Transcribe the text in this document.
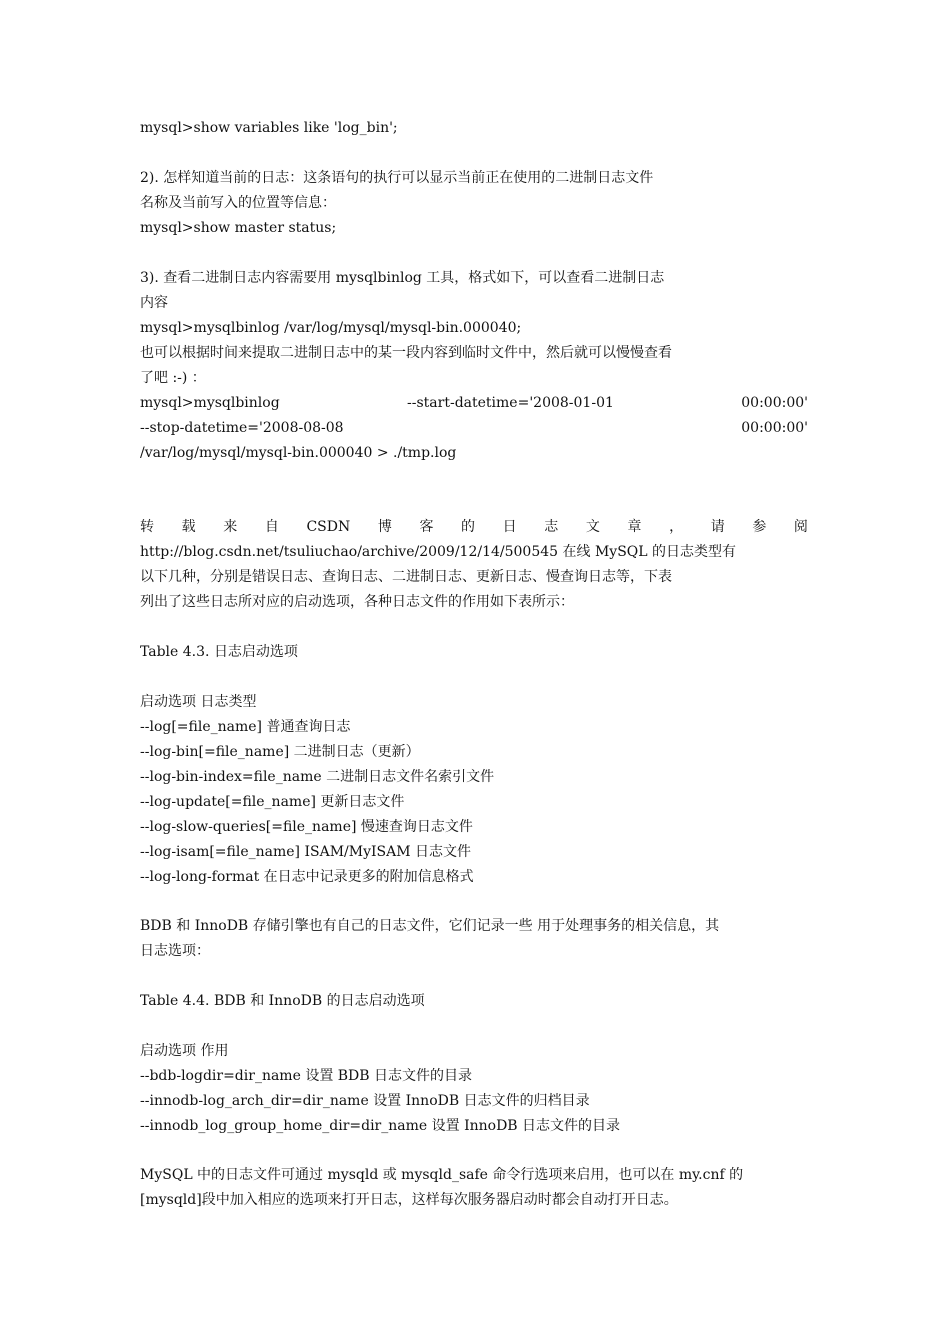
mysql>show variables like 'log_bin';

2). 怎样知道当前的日志：这条语句的执行可以显示当前正在使用的二进制日志文件

名称及当前写入的位置等信息：

mysql>show master status;

3). 查看二进制日志内容需要用 mysqlbinlog 工具，格式如下，可以查看二进制日志

内容

mysql>mysqlbinlog /var/log/mysql/mysql-bin.000040;

也可以根据时间来提取二进制日志中的某一段内容到临时文件中，然后就可以慢慢查看

了吧 :-) ：

mysql>mysqlbinlog	--start-datetime='2008-01-01	00:00:00'
--stop-datetime='2008-08-08	00:00:00'

/var/log/mysql/mysql-bin.000040 > ./tmp.log

转 载 来 自 CSDN 博 客 的 日 志 文 章 ， 请 参 阅

http://blog.csdn.net/tsuliuchao/archive/2009/12/14/500545 在线 MySQL 的日志类型有

以下几种，分别是错误日志、查询日志、二进制日志、更新日志、慢查询日志等，下表

列出了这些日志所对应的启动选项，各种日志文件的作用如下表所示：

Table 4.3. 日志启动选项

启动选项 日志类型

--log[=file_name] 普通查询日志

--log-bin[=file_name] 二进制日志（更新）

--log-bin-index=file_name 二进制日志文件名索引文件

--log-update[=file_name] 更新日志文件

--log-slow-queries[=file_name] 慢速查询日志文件

--log-isam[=file_name] ISAM/MyISAM 日志文件

--log-long-format 在日志中记录更多的附加信息格式

BDB 和 InnoDB 存储引擎也有自己的日志文件，它们记录一些 用于处理事务的相关信息，其

日志选项：

Table 4.4. BDB 和 InnoDB 的日志启动选项

启动选项 作用

--bdb-logdir=dir_name 设置 BDB 日志文件的目录

--innodb-log_arch_dir=dir_name 设置 InnoDB 日志文件的归档目录

--innodb_log_group_home_dir=dir_name 设置 InnoDB 日志文件的目录

MySQL 中的日志文件可通过 mysqld 或 mysqld_safe 命令行选项来启用，也可以在 my.cnf 的

[mysqld]段中加入相应的选项来打开日志，这样每次服务器启动时都会自动打开日志。
